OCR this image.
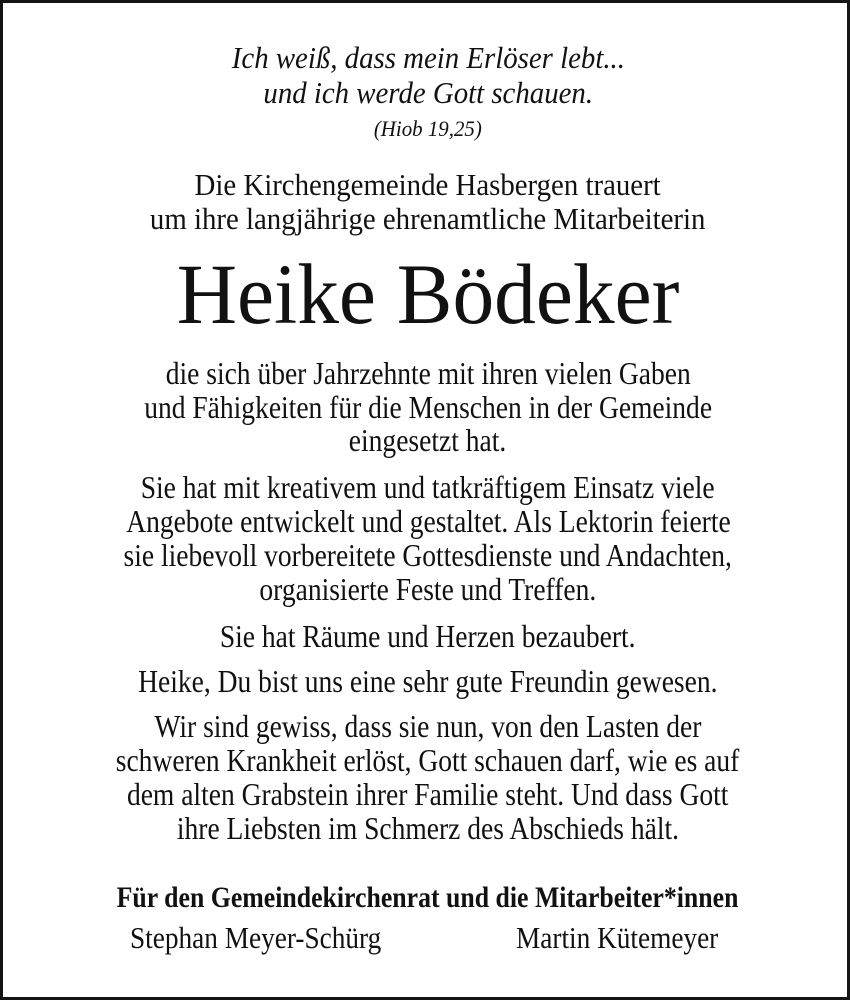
Ich weiß, dass mein Erlöser lebt...
und ich werde Gott schauen.
(Hiob 19,25)
Die Kirchengemeinde Hasbergen trauert
um ihre langjährige ehrenamtliche Mitarbeiterin
Heike Bödeker
die sich über Jahrzehnte mit ihren vielen Gaben
und Fähigkeiten für die Menschen in der Gemeinde
eingesetzt hat.
Sie hat mit kreativem und tatkräftigem Einsatz viele
Angebote entwickelt und gestaltet. Als Lektorin feierte
sie liebevoll vorbereitete Gottesdienste und Andachten,
organisierte Feste und Treffen.
Sie hat Räume und Herzen bezaubert.
Heike, Du bist uns eine sehr gute Freundin gewesen.
Wir sind gewiss, dass sie nun, von den Lasten der
schweren Krankheit erlöst, Gott schauen darf, wie es auf
dem alten Grabstein ihrer Familie steht. Und dass Gott
ihre Liebsten im Schmerz des Abschieds hält.
Für den Gemeindekirchenrat und die Mitarbeiter*innen
Stephan Meyer-Schürg	Martin Kütemeyer
